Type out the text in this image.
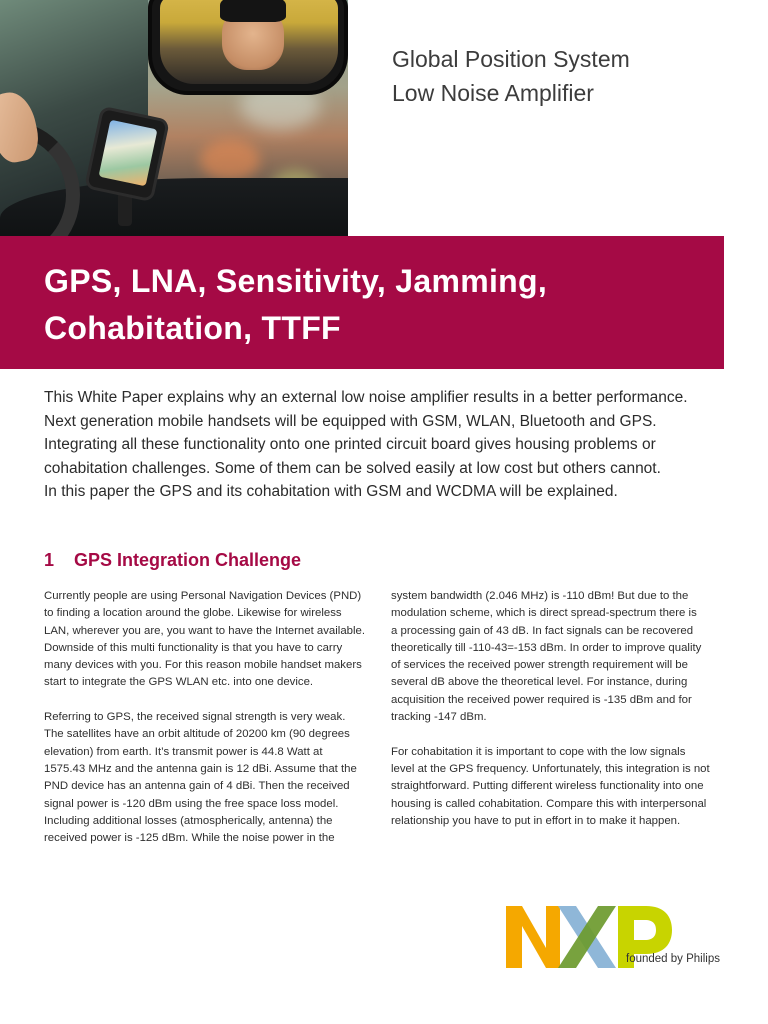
Global Position System
Low Noise Amplifier
GPS, LNA, Sensitivity, Jamming,
Cohabitation, TTFF

This White Paper explains why an external low noise amplifier results in a better performance.

Next generation mobile handsets will be equipped with GSM, WLAN, Bluetooth and GPS.

Integrating all these functionality onto one printed circuit board gives housing problems or

cohabitation challenges. Some of them can be solved easily at low cost but others cannot.

In this paper the GPS and its cohabitation with GSM and WCDMA will be explained.

1 GPS Integration Challenge

Currently people are using Personal Navigation Devices (PND)

to finding a location around the globe. Likewise for wireless

LAN, wherever you are, you want to have the Internet available.

Downside of this multi functionality is that you have to carry

many devices with you. For this reason mobile handset makers

start to integrate the GPS WLAN etc. into one device.

Referring to GPS, the received signal strength is very weak.

The satellites have an orbit altitude of 20200 km (90 degrees

elevation) from earth. It’s transmit power is 44.8 Watt at

1575.43 MHz and the antenna gain is 12 dBi. Assume that the

PND device has an antenna gain of 4 dBi. Then the received

signal power is -120 dBm using the free space loss model.

Including additional losses (atmospherically, antenna) the

received power is -125 dBm. While the noise power in the

system bandwidth (2.046 MHz) is -110 dBm! But due to the

modulation scheme, which is direct spread-spectrum there is

a processing gain of 43 dB. In fact signals can be recovered

theoretically till -110-43=-153 dBm. In order to improve quality

of services the received power strength requirement will be

several dB above the theoretical level. For instance, during

acquisition the received power required is -135 dBm and for

tracking -147 dBm.

For cohabitation it is important to cope with the low signals

level at the GPS frequency. Unfortunately, this integration is not

straightforward. Putting different wireless functionality into one

housing is called cohabitation. Compare this with interpersonal

relationship you have to put in effort in to make it happen.

founded by Philips
